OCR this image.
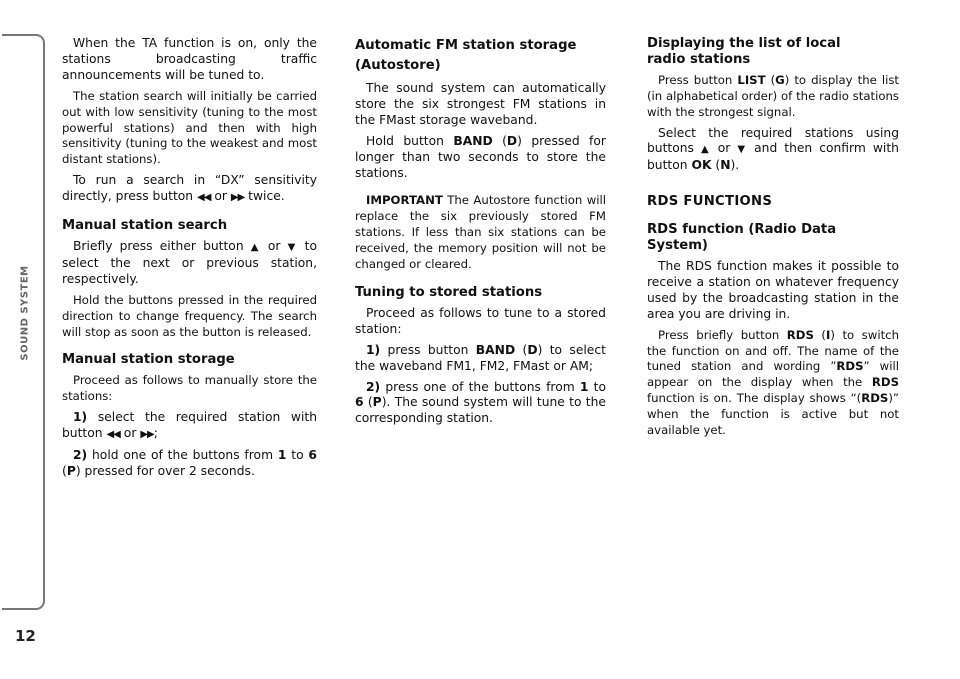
SOUND SYSTEM
12

When the TA function is on, only the stations broadcasting traffic announcements will be tuned to.

The station search will initially be carried out with low sensitivity (tuning to the most powerful stations) and then with high sensitivity (tuning to the weakest and most distant stations).

To run a search in “DX” sensitivity directly, press button ◀◀ or ▶▶ twice.

Manual station search

Briefly press either button ▲ or ▼ to select the next or previous station, respectively.

Hold the buttons pressed in the required direction to change frequency. The search will stop as soon as the button is released.

Manual station storage

Proceed as follows to manually store the stations:

1) select the required station with button ◀◀ or ▶▶;

2) hold one of the buttons from 1 to 6 (P) pressed for over 2 seconds.

Automatic FM station storage
(Autostore)

The sound system can automatically store the six strongest FM stations in the FMast storage waveband.

Hold button BAND (D) pressed for longer than two seconds to store the stations.

IMPORTANT The Autostore function will replace the six previously stored FM stations. If less than six stations can be received, the memory position will not be changed or cleared.

Tuning to stored stations

Proceed as follows to tune to a stored station:

1) press button BAND (D) to select the waveband FM1, FM2, FMast or AM;

2) press one of the buttons from 1 to 6 (P). The sound system will tune to the corresponding station.

Displaying the list of local
radio stations

Press button LIST (G) to display the list (in alphabetical order) of the radio stations with the strongest signal.

Select the required stations using buttons ▲ or ▼ and then confirm with button OK (N).

RDS FUNCTIONS
RDS function (Radio Data System)

The RDS function makes it possible to receive a station on whatever frequency used by the broadcasting station in the area you are driving in.

Press briefly button RDS (I) to switch the function on and off. The name of the tuned station and wording ”RDS” will appear on the display when the RDS function is on. The display shows “(RDS)” when the function is active but not available yet.
